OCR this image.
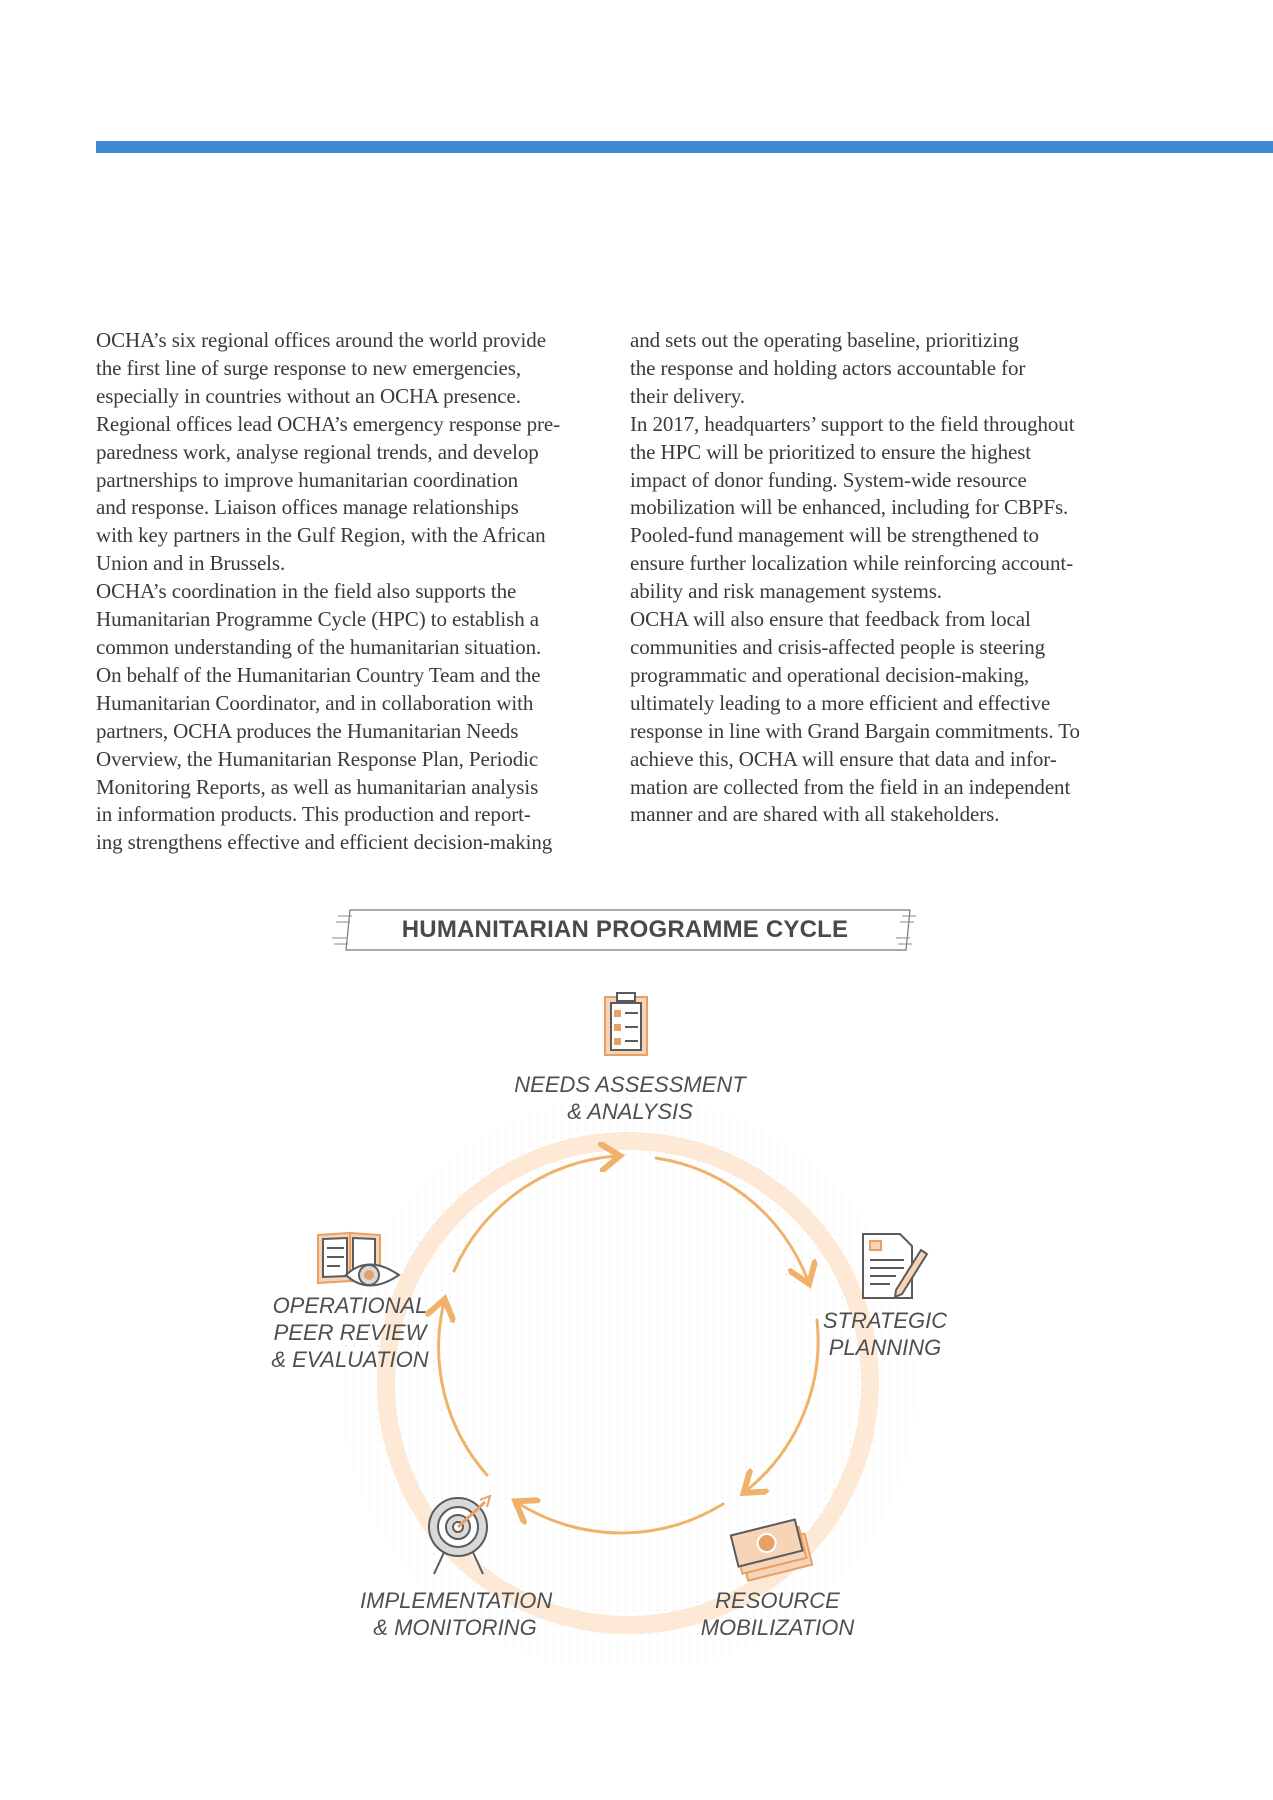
OCHA’s six regional offices around the world provide
the first line of surge response to new emergencies,
especially in countries without an OCHA presence.
Regional offices lead OCHA’s emergency response pre-
paredness work, analyse regional trends, and develop
partnerships to improve humanitarian coordination
and response. Liaison offices manage relationships
with key partners in the Gulf Region, with the African
Union and in Brussels.

OCHA’s coordination in the field also supports the
Humanitarian Programme Cycle (HPC) to establish a
common understanding of the humanitarian situation.
On behalf of the Humanitarian Country Team and the
Humanitarian Coordinator, and in collaboration with
partners, OCHA produces the Humanitarian Needs
Overview, the Humanitarian Response Plan, Periodic
Monitoring Reports, as well as humanitarian analysis
in information products. This production and report-
ing strengthens effective and efficient decision-making

and sets out the operating baseline, prioritizing
the response and holding actors accountable for
their delivery.

In 2017, headquarters’ support to the field throughout
the HPC will be prioritized to ensure the highest
impact of donor funding. System-wide resource
mobilization will be enhanced, including for CBPFs.
Pooled-fund management will be strengthened to
ensure further localization while reinforcing account-
ability and risk management systems.

OCHA will also ensure that feedback from local
communities and crisis-affected people is steering
programmatic and operational decision-making,
ultimately leading to a more efficient and effective
response in line with Grand Bargain commitments. To
achieve this, OCHA will ensure that data and infor-
mation are collected from the field in an independent
manner and are shared with all stakeholders.

HUMANITARIAN PROGRAMME CYCLE
NEEDS ASSESSMENT
& ANALYSIS
STRATEGIC
PLANNING
RESOURCE
MOBILIZATION
IMPLEMENTATION
& MONITORING
OPERATIONAL
PEER REVIEW
& EVALUATION
